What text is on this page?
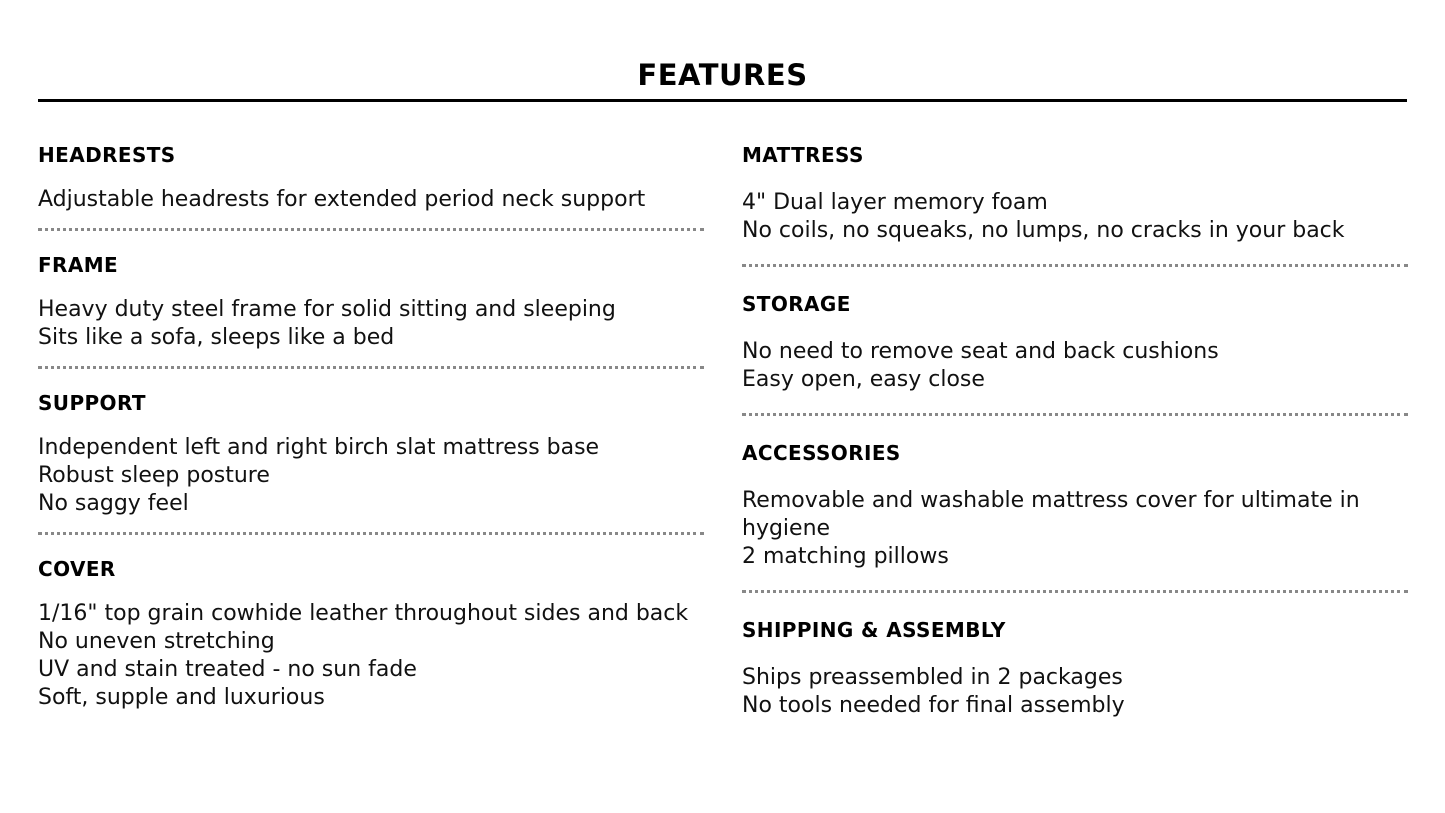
FEATURES
HEADRESTS
Adjustable headrests for extended period neck support
FRAME
Heavy duty steel frame for solid sitting and sleeping
Sits like a sofa, sleeps like a bed
SUPPORT
Independent left and right birch slat mattress base
Robust sleep posture
No saggy feel
COVER
1/16" top grain cowhide leather throughout sides and back
No uneven stretching
UV and stain treated - no sun fade
Soft, supple and luxurious
MATTRESS
4" Dual layer memory foam
No coils, no squeaks, no lumps, no cracks in your back
STORAGE
No need to remove seat and back cushions
Easy open, easy close
ACCESSORIES
Removable and washable mattress cover for ultimate in hygiene
2 matching pillows
SHIPPING & ASSEMBLY
Ships preassembled in 2 packages
No tools needed for final assembly
